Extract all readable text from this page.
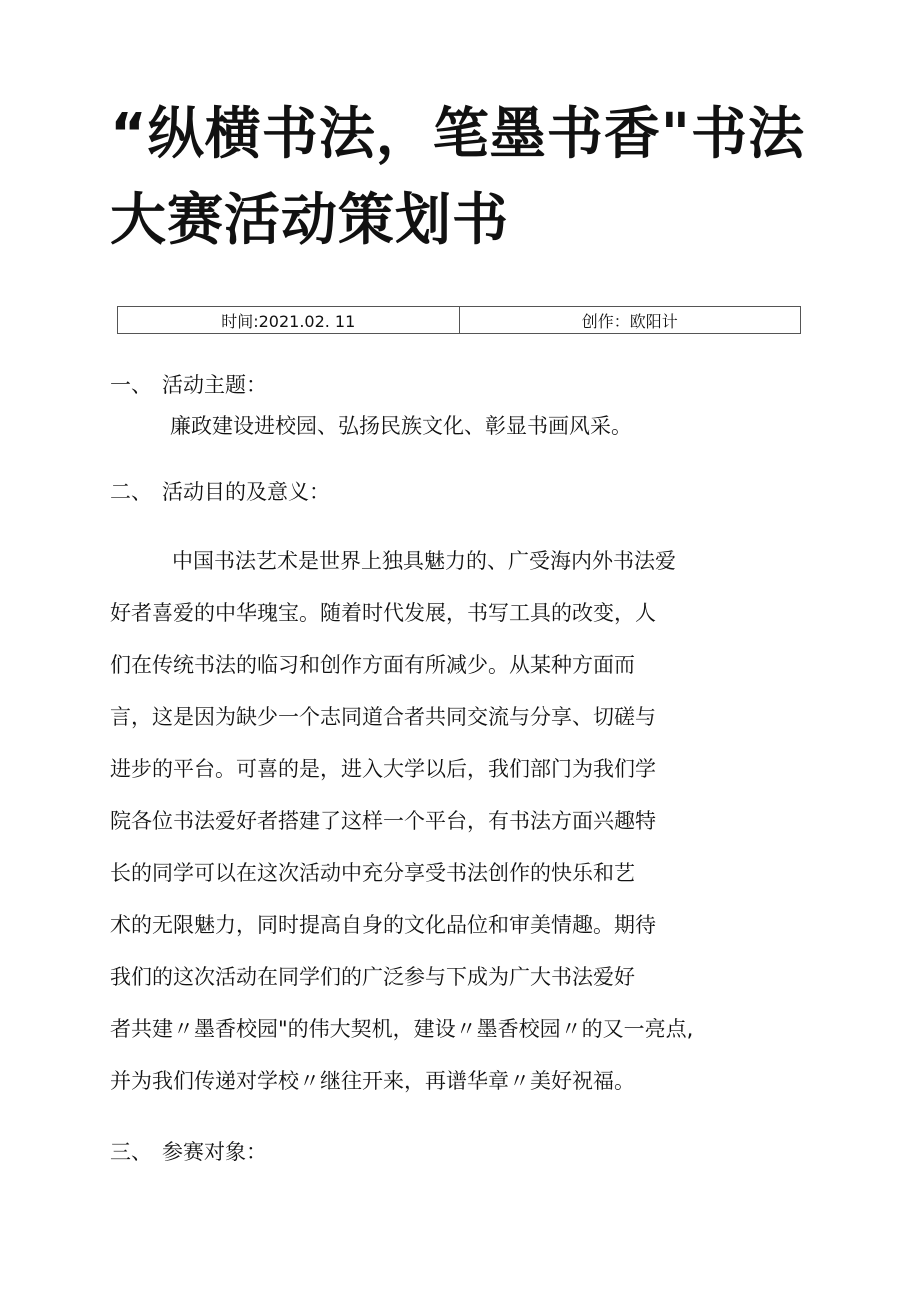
“纵横书法，笔墨书香"书法
大赛活动策划书
时间:2021.02. 11	创作：欧阳计
一、 活动主题：

廉政建设进校园、弘扬民族文化、彰显书画风采。

二、 活动目的及意义：
中国书法艺术是世界上独具魅力的、广受海内外书法爱
好者喜爱的中华瑰宝。随着时代发展，书写工具的改变，人
们在传统书法的临习和创作方面有所减少。从某种方面而
言，这是因为缺少一个志同道合者共同交流与分享、切磋与
进步的平台。可喜的是，进入大学以后，我们部门为我们学
院各位书法爱好者搭建了这样一个平台，有书法方面兴趣特
长的同学可以在这次活动中充分享受书法创作的快乐和艺
术的无限魅力，同时提高自身的文化品位和审美情趣。期待
我们的这次活动在同学们的广泛参与下成为广大书法爱好
者共建〃墨香校园"的伟大契机，建设〃墨香校园〃的又一亮点,
并为我们传递对学校〃继往开来，再谱华章〃美好祝福。
三、 参赛对象：
